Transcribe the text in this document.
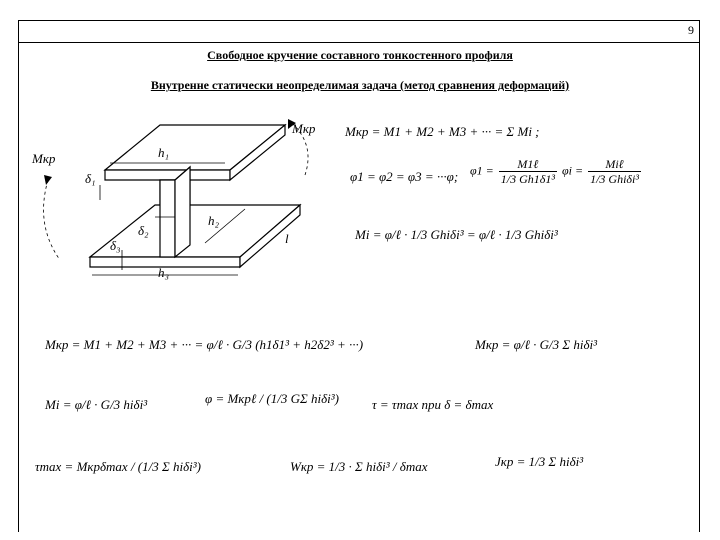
9
Свободное кручение составного тонкостенного профиля
Внутренне статически неопределимая задача (метод сравнения деформаций)
Mкр
Mкр
h₁
h₂
h₃
δ₁
δ₂
δ₃	l
Mкр = M1 + M2 + M3 + ··· = Σ Mi ;
φ1 = φ2 = φ3 = ···φ; $\varphi 1 = \frac{\text{M1ℓ}}{\text{1/3 Gh1δ1³}}$ $\varphi i = \frac{\text{Miℓ}}{\text{1/3 Ghiδi³}}$
Mi = φ/ℓ · 1/3 Ghiδi³ = φ/ℓ · 1/3 Ghiδi³
Mкр = M1 + M2 + M3 + ··· = φ/ℓ · G/3 (h1δ1³ + h2δ2³ + ···)	Mкр = φ/ℓ · G/3 Σ hiδi³
Mi = φ/ℓ · G/3 hiδi³	φ = Mкрℓ / (1/3 GΣ hiδi³)	τ = τmax при δ = δmax
τmax = Mкрδmax / (1/3 Σ hiδi³)	Wкр = 1/3 · Σ hiδi³ / δmax	Jкр = 1/3 Σ hiδi³
